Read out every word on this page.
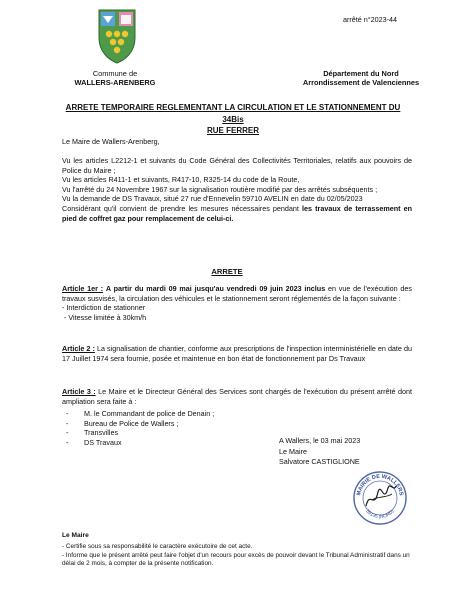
arrêté n°2023-44
Commune de
WALLERS-ARENBERG
Département du Nord
Arrondissement de Valenciennes
ARRETE TEMPORAIRE REGLEMENTANT LA CIRCULATION ET LE STATIONNEMENT DU 34Bis
RUE FERRER
Le Maire de Wallers-Arenberg,
Vu les articles L2212-1 et suivants du Code Général des Collectivités Territoriales, relatifs aux pouvoirs de Police du Maire ;
Vu les articles R411-1 et suivants, R417-10, R325-14 du code de la Route,
Vu l'arrêté du 24 Novembre 1967 sur la signalisation routière modifié par des arrêtés subséquents ;
Vu la demande de DS Travaux, situé 27 rue d'Ennevelin 59710 AVELIN en date du 02/05/2023
Considérant qu'il convient de prendre les mesures nécessaires pendant les travaux de terrassement en pied de coffret gaz pour remplacement de celui-ci.
ARRETE
Article 1er : A partir du mardi 09 mai jusqu'au vendredi 09 juin 2023 inclus en vue de l'exécution des travaux susvisés, la circulation des véhicules et le stationnement seront réglementés de la façon suivante :
- Interdiction de stationner
- Vitesse limitée à 30km/h
Article 2 : La signalisation de chantier, conforme aux prescriptions de l'inspection interministérielle en date du 17 Juillet 1974 sera fournie, posée et maintenue en bon état de fonctionnement par Ds Travaux
Article 3 : Le Maire et le Directeur Général des Services sont chargés de l'exécution du présent arrêté dont ampliation sera faite à :
- M. le Commandant de police de Denain ;
- Bureau de Police de Wallers ;
- Transvilles
- DS Travaux	A Wallers, le 03 mai 2023
Le Maire
Salvatore CASTIGLIONE
MAIRIE DE WALLERS
59135 (NORD)
Le Maire
- Certifie sous sa responsabilité le caractère exécutoire de cet acte.
- Informe que le présent arrêté peut faire l'objet d'un recours pour excès de pouvoir devant le Tribunal Administratif dans un délai de 2 mois, à compter de la présente notification.
